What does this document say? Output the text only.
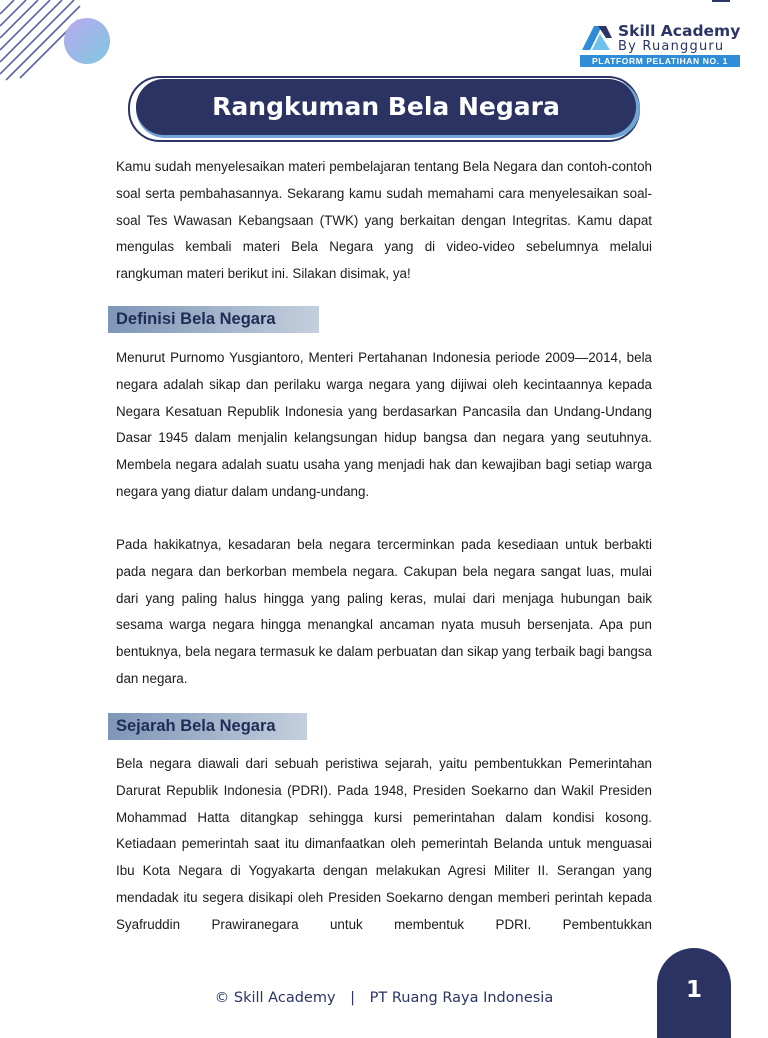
Skill Academy
By Ruangguru
PLATFORM PELATIHAN NO. 1
Rangkuman Bela Negara

Kamu sudah menyelesaikan materi pembelajaran tentang Bela Negara dan contoh-contoh soal serta pembahasannya. Sekarang kamu sudah memahami cara menyelesaikan soal-soal Tes Wawasan Kebangsaan (TWK) yang berkaitan dengan Integritas. Kamu dapat mengulas kembali materi Bela Negara yang di video-video sebelumnya melalui rangkuman materi berikut ini. Silakan disimak, ya!

Definisi Bela Negara

Menurut Purnomo Yusgiantoro, Menteri Pertahanan Indonesia periode 2009—2014, bela negara adalah sikap dan perilaku warga negara yang dijiwai oleh kecintaannya kepada Negara Kesatuan Republik Indonesia yang berdasarkan Pancasila dan Undang-Undang Dasar 1945 dalam menjalin kelangsungan hidup bangsa dan negara yang seutuhnya. Membela negara adalah suatu usaha yang menjadi hak dan kewajiban bagi setiap warga negara yang diatur dalam undang-undang.

Pada hakikatnya, kesadaran bela negara tercerminkan pada kesediaan untuk berbakti pada negara dan berkorban membela negara. Cakupan bela negara sangat luas, mulai dari yang paling halus hingga yang paling keras, mulai dari menjaga hubungan baik sesama warga negara hingga menangkal ancaman nyata musuh bersenjata. Apa pun bentuknya, bela negara termasuk ke dalam perbuatan dan sikap yang terbaik bagi bangsa dan negara.

Sejarah Bela Negara

Bela negara diawali dari sebuah peristiwa sejarah, yaitu pembentukkan Pemerintahan Darurat Republik Indonesia (PDRI). Pada 1948, Presiden Soekarno dan Wakil Presiden Mohammad Hatta ditangkap sehingga kursi pemerintahan dalam kondisi kosong. Ketiadaan pemerintah saat itu dimanfaatkan oleh pemerintah Belanda untuk menguasai Ibu Kota Negara di Yogyakarta dengan melakukan Agresi Militer II. Serangan yang mendadak itu segera disikapi oleh Presiden Soekarno dengan memberi perintah kepada Syafruddin Prawiranegara untuk membentuk PDRI. Pembentukkan

© Skill Academy | PT Ruang Raya Indonesia	1
